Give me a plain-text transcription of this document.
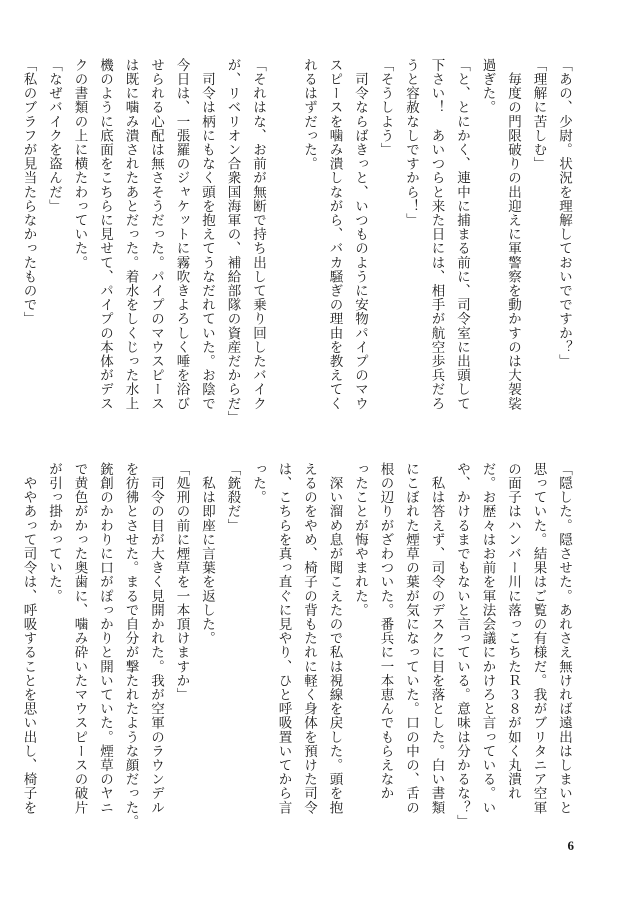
「あの、少尉。状況を理解しておいでですか？」
「理解に苦しむ」
　毎度の門限破りの出迎えに軍警察を動かすのは大袈裟
過ぎた。
「と、とにかく、連中に捕まる前に、司令室に出頭して
下さい！　あいつらと来た日には、相手が航空歩兵だろ
うと容赦なしですから！」
「そうしよう」
　司令ならばきっと、いつものように安物パイプのマウ
スピースを噛み潰しながら、バカ騒ぎの理由を教えてく
れるはずだった。

「それはな、お前が無断で持ち出して乗り回したバイク
が、リベリオン合衆国海軍の、補給部隊の資産だからだ」
　司令は柄にもなく頭を抱えてうなだれていた。お陰で
今日は、一張羅のジャケットに霧吹きよろしく唾を浴び
せられる心配は無さそうだった。パイプのマウスピース
は既に噛み潰されたあとだった。着水をしくじった水上
機のように底面をこちらに見せて、パイプの本体がデス
クの書類の上に横たわっていた。
「なぜバイクを盗んだ」
「私のブラフが見当たらなかったもので」
「隠した。隠させた。あれさえ無ければ遠出はしまいと
思っていた。結果はご覧の有様だ。我がブリタニア空軍
の面子はハンバー川に落っこちたＲ３８が如く丸潰れ
だ。お歴々はお前を軍法会議にかけろと言っている。い
や、かけるまでもないと言っている。意味は分かるな？」
　私は答えず、司令のデスクに目を落とした。白い書類
にこぼれた煙草の葉が気になっていた。口の中の、舌の
根の辺りがざわついた。番兵に一本恵んでもらえなか
ったことが悔やまれた。
　深い溜め息が聞こえたので私は視線を戻した。頭を抱
えるのをやめ、椅子の背もたれに軽く身体を預けた司令
は、こちらを真っ直ぐに見やり、ひと呼吸置いてから言
った。
「銃殺だ」
　私は即座に言葉を返した。
「処刑の前に煙草を一本頂けますか」
　司令の目が大きく見開かれた。我が空軍のラウンデル
を彷彿とさせた。まるで自分が撃たれたような顔だった。
銃創のかわりに口がぽっかりと開いていた。煙草のヤニ
で黄色がかった奥歯に、噛み砕いたマウスピースの破片
が引っ掛かっていた。
　ややあって司令は、呼吸することを思い出し、椅子を
6
